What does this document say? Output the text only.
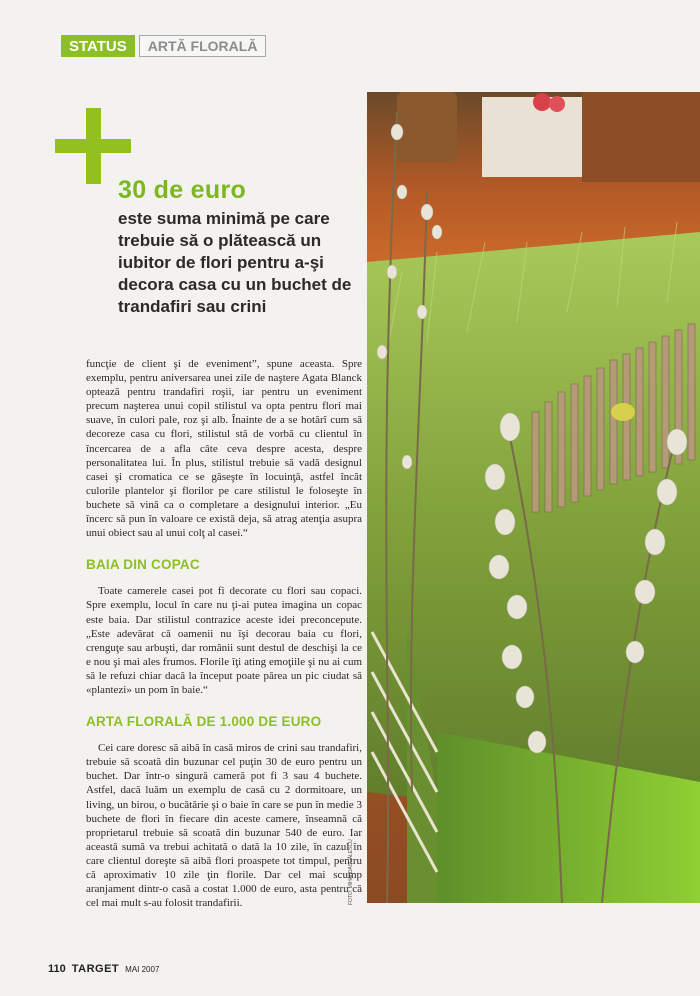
STATUS	ARTĂ FLORALĂ
30 de euro
este suma minimă pe care trebuie să o plătească un iubitor de flori pentru a-şi decora casa cu un buchet de trandafiri sau crini

funcţie de client şi de eveniment”, spune aceasta. Spre exemplu, pentru aniversarea unei zile de naştere Agata Blanck optează pentru trandafiri roşii, iar pentru un eveniment precum naşterea unui copil stilistul va opta pentru flori mai suave, în culori pale, roz şi alb. Înainte de a se hotărî cum să decoreze casa cu flori, stilistul stă de vorbă cu clientul în încercarea de a afla câte ceva despre acesta, despre personalitatea lui. În plus, stilistul trebuie să vadă designul casei şi cromatica ce se găseşte în locuinţă, astfel încât culorile plantelor şi florilor pe care stilistul le foloseşte în buchete să vină ca o completare a designului interior. „Eu încerc să pun în valoare ce există deja, să atrag atenţia asupra unui obiect sau al unui colţ al casei.“

BAIA DIN COPAC

Toate camerele casei pot fi decorate cu flori sau copaci. Spre exemplu, locul în care nu ţi-ai putea imagina un copac este baia. Dar stilistul contrazice aceste idei preconcepute. „Este adevărat că oamenii nu îşi decorau baia cu flori, crenguţe sau arbuşti, dar românii sunt destul de deschişi la ce e nou şi mai ales frumos. Florile îţi ating emoţiile şi nu ai cum să le refuzi chiar dacă la început poate părea un pic ciudat să «plantezi» un pom în baie.“

ARTA FLORALĂ DE 1.000 DE EURO

Cei care doresc să aibă în casă miros de crini sau trandafiri, trebuie să scoată din buzunar cel puţin 30 de euro pentru un buchet. Dar într-o singură cameră pot fi 3 sau 4 buchete. Astfel, dacă luăm un exemplu de casă cu 2 dormitoare, un living, un birou, o bucătărie şi o baie în care se pun în medie 3 buchete de flori în fiecare din aceste camere, înseamnă că proprietarul trebuie să scoată din buzunar 540 de euro. Iar această sumă va trebui achitată o dată la 10 zile, în cazul în care clientul doreşte să aibă flori proaspete tot timpul, pentru că aproximativ 10 zile ţin florile. Dar cel mai scump aranjament dintr-o casă a costat 1.000 de euro, asta pentru că cel mai mult s-au folosit trandafirii.	FOTO: MIHAI DASCĂLESCU
110 TARGET MAI 2007
